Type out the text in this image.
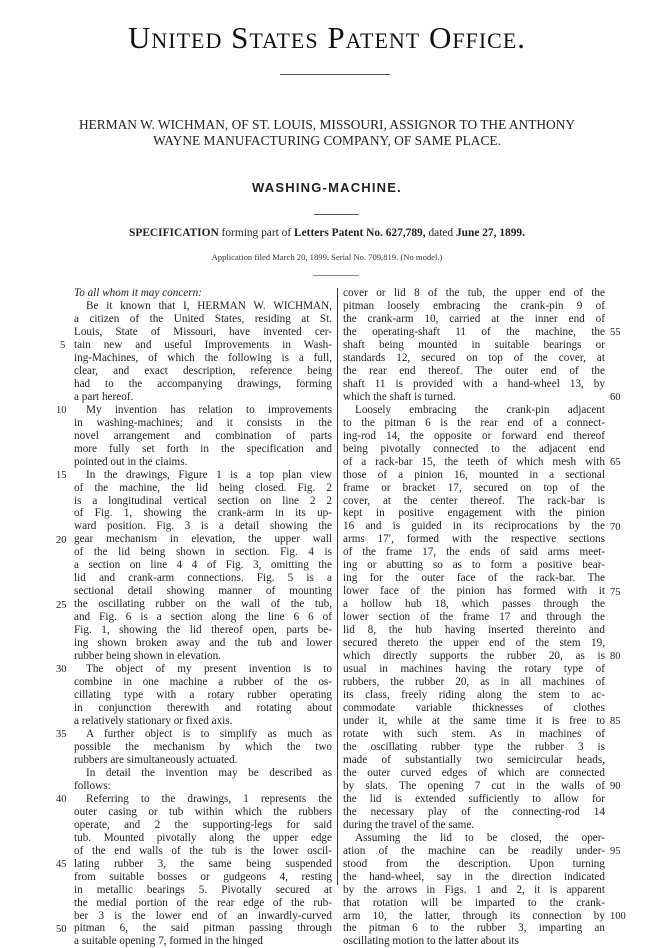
United States Patent Office.
HERMAN W. WICHMAN, OF ST. LOUIS, MISSOURI, ASSIGNOR TO THE ANTHONY
WAYNE MANUFACTURING COMPANY, OF SAME PLACE.
WASHING-MACHINE.
SPECIFICATION forming part of Letters Patent No. 627,789, dated June 27, 1899.
Application filed March 20, 1899. Serial No. 709,819. (No model.)
To all whom it may concern:
Be it known that I, HERMAN W. WICHMAN,
a citizen of the United States, residing at St.
Louis, State of Missouri, have invented cer-
tain new and useful Improvements in Wash-
ing-Machines, of which the following is a full,
clear, and exact description, reference being
had to the accompanying drawings, forming
a part hereof.
My invention has relation to improvements
in washing-machines; and it consists in the
novel arrangement and combination of parts
more fully set forth in the specification and
pointed out in the claims.
In the drawings, Figure 1 is a top plan view
of the machine, the lid being closed. Fig. 2
is a longitudinal vertical section on line 2 2
of Fig. 1, showing the crank-arm in its up-
ward position. Fig. 3 is a detail showing the
gear mechanism in elevation, the upper wall
of the lid being shown in section. Fig. 4 is
a section on line 4 4 of Fig. 3, omitting the
lid and crank-arm connections. Fig. 5 is a
sectional detail showing manner of mounting
the oscillating rubber on the wall of the tub,
and Fig. 6 is a section along the line 6 6 of
Fig. 1, showing the lid thereof open, parts be-
ing shown broken away and the tub and lower
rubber being shown in elevation.
The object of my present invention is to
combine in one machine a rubber of the os-
cillating type with a rotary rubber operating
in conjunction therewith and rotating about
a relatively stationary or fixed axis.
A further object is to simplify as much as
possible the mechanism by which the two
rubbers are simultaneously actuated.
In detail the invention may be described as
follows:
Referring to the drawings, 1 represents the
outer casing or tub within which the rubbers
operate, and 2 the supporting-legs for said
tub. Mounted pivotally along the upper edge
of the end walls of the tub is the lower oscil-
lating rubber 3, the same being suspended
from suitable bosses or gudgeons 4, resting
in metallic bearings 5. Pivotally secured at
the medial portion of the rear edge of the rub-
ber 3 is the lower end of an inwardly-curved
pitman 6, the said pitman passing through
a suitable opening 7, formed in the hinged
cover or lid 8 of the tub, the upper end of the
pitman loosely embracing the crank-pin 9 of
the crank-arm 10, carried at the inner end of
the operating-shaft 11 of the machine, the
shaft being mounted in suitable bearings or
standards 12, secured on top of the cover, at
the rear end thereof. The outer end of the
shaft 11 is provided with a hand-wheel 13, by
which the shaft is turned.
Loosely embracing the crank-pin adjacent
to the pitman 6 is the rear end of a connect-
ing-rod 14, the opposite or forward end thereof
being pivotally connected to the adjacent end
of a rack-bar 15, the teeth of which mesh with
those of a pinion 16, mounted in a sectional
frame or bracket 17, secured on top of the
cover, at the center thereof. The rack-bar is
kept in positive engagement with the pinion
16 and is guided in its reciprocations by the
arms 17′, formed with the respective sections
of the frame 17, the ends of said arms meet-
ing or abutting so as to form a positive bear-
ing for the outer face of the rack-bar. The
lower face of the pinion has formed with it
a hollow hub 18, which passes through the
lower section of the frame 17 and through the
lid 8, the hub having inserted thereinto and
secured thereto the upper end of the stem 19,
which directly supports the rubber 20, as is
usual in machines having the rotary type of
rubbers, the rubber 20, as in all machines of
its class, freely riding along the stem to ac-
commodate variable thicknesses of clothes
under it, while at the same time it is free to
rotate with such stem. As in machines of
the oscillating rubber type the rubber 3 is
made of substantially two semicircular heads,
the outer curved edges of which are connected
by slats. The opening 7 cut in the walls of
the lid is extended sufficiently to allow for
the necessary play of the connecting-rod 14
during the travel of the same.
Assuming the lid to be closed, the oper-
ation of the machine can be readily under-
stood from the description. Upon turning
the hand-wheel, say in the direction indicated
by the arrows in Figs. 1 and 2, it is apparent
that rotation will be imparted to the crank-
arm 10, the latter, through its connection by
the pitman 6 to the rubber 3, imparting an
oscillating motion to the latter about its
5
10
15
20
25
30
35
40
45
50
55
60
65
70
75
80
85
90
95
100
